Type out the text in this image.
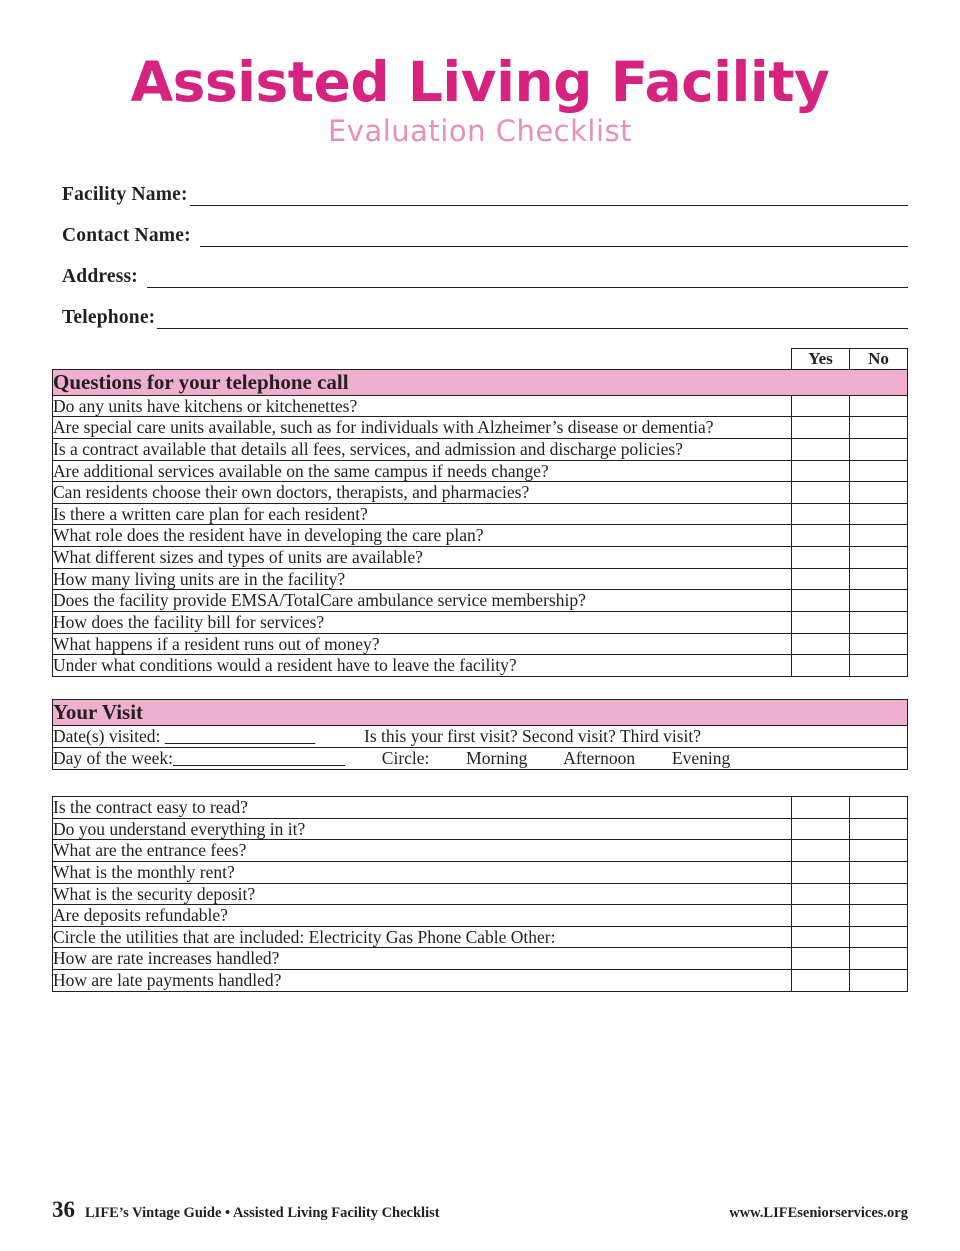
Assisted Living Facility
Evaluation Checklist
Facility Name:
Contact Name:
Address:
Telephone:
	Yes	No
Questions for your telephone call		
Do any units have kitchens or kitchenettes?		
Are special care units available, such as for individuals with Alzheimer’s disease or dementia?		
Is a contract available that details all fees, services, and admission and discharge policies?		
Are additional services available on the same campus if needs change?		
Can residents choose their own doctors, therapists, and pharmacies?		
Is there a written care plan for each resident?		
What role does the resident have in developing the care plan?		
What different sizes and types of units are available?		
How many living units are in the facility?		
Does the facility provide EMSA/TotalCare ambulance service membership?		
How does the facility bill for services?		
What happens if a resident runs out of money?		
Under what conditions would a resident have to leave the facility?		
Your Visit
Date(s) visited:	Is this your first visit? Second visit? Third visit?
Day of the week:	Circle: Morning Afternoon Evening
Is the contract easy to read?		
Do you understand everything in it?		
What are the entrance fees?		
What is the monthly rent?		
What is the security deposit?		
Are deposits refundable?		
Circle the utilities that are included: Electricity Gas Phone Cable Other:		
How are rate increases handled?		
How are late payments handled?		
36 LIFE’s Vintage Guide • Assisted Living Facility Checklist	www.LIFEseniorservices.org
